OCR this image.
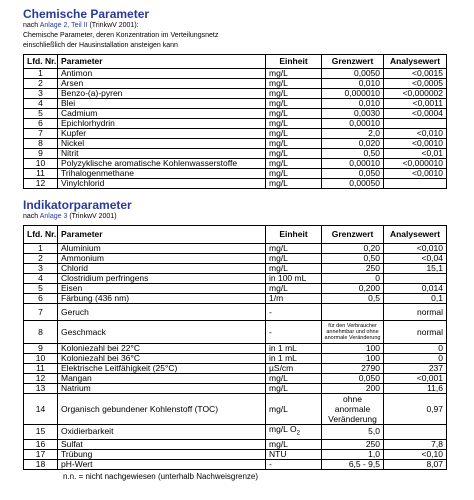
Chemische Parameter

nach Anlage 2, Teil II (TrinkwV 2001):

Chemische Parameter, deren Konzentration im Verteilungsnetz

einschließlich der Hausinstallation ansteigen kann

Lfd. Nr.	Parameter	Einheit	Grenzwert	Analysewert
1	Antimon	mg/L	0,0050	<0,0015
2	Arsen	mg/L	0,010	<0,0005
3	Benzo-(a)-pyren	mg/L	0,000010	<0,000002
4	Blei	mg/L	0,010	<0,0011
5	Cadmium	mg/L	0,0030	<0,0004
6	Epichlorhydrin	mg/L	0,00010	
7	Kupfer	mg/L	2,0	<0,010
8	Nickel	mg/L	0,020	<0,0010
9	Nitrit	mg/L	0,50	<0,01
10	Polyzyklische aromatische Kohlenwasserstoffe	mg/L	0,00010	<0,000010
11	Trihalogenmethane	mg/L	0,050	<0,0010
12	Vinylchlorid	mg/L	0,00050	
Indikatorparameter

nach Anlage 3 (TrinkwV 2001)

Lfd. Nr.	Parameter	Einheit	Grenzwert	Analysewert
1	Aluminium	mg/L	0,20	<0,010
2	Ammonium	mg/L	0,50	<0,04
3	Chlorid	mg/L	250	15,1
4	Clostridium perfringens	in 100 mL	0	
5	Eisen	mg/L	0,200	0,014
6	Färbung (436 nm)	1/m	0,5	0,1
7	Geruch	-		normal
8	Geschmack	-	für den Verbraucher annehmbar und ohne anormale Veränderung	normal
9	Koloniezahl bei 22°C	in 1 mL	100	0
10	Koloniezahl bei 36°C	in 1 mL	100	0
11	Elektrische Leitfähigkeit (25°C)	µS/cm	2790	237
12	Mangan	mg/L	0,050	<0,001
13	Natrium	mg/L	200	11,6
14	Organisch gebundener Kohlenstoff (TOC)	mg/L	ohne anormale Veränderung	0,97
15	Oxidierbarkeit	mg/L $O_2$	5,0	
16	Sulfat	mg/L	250	7,8
17	Trübung	NTU	1,0	<0,10
18	pH-Wert	-	6,5 - 9,5	8,07

n.n. = nicht nachgewiesen (unterhalb Nachweisgrenze)
